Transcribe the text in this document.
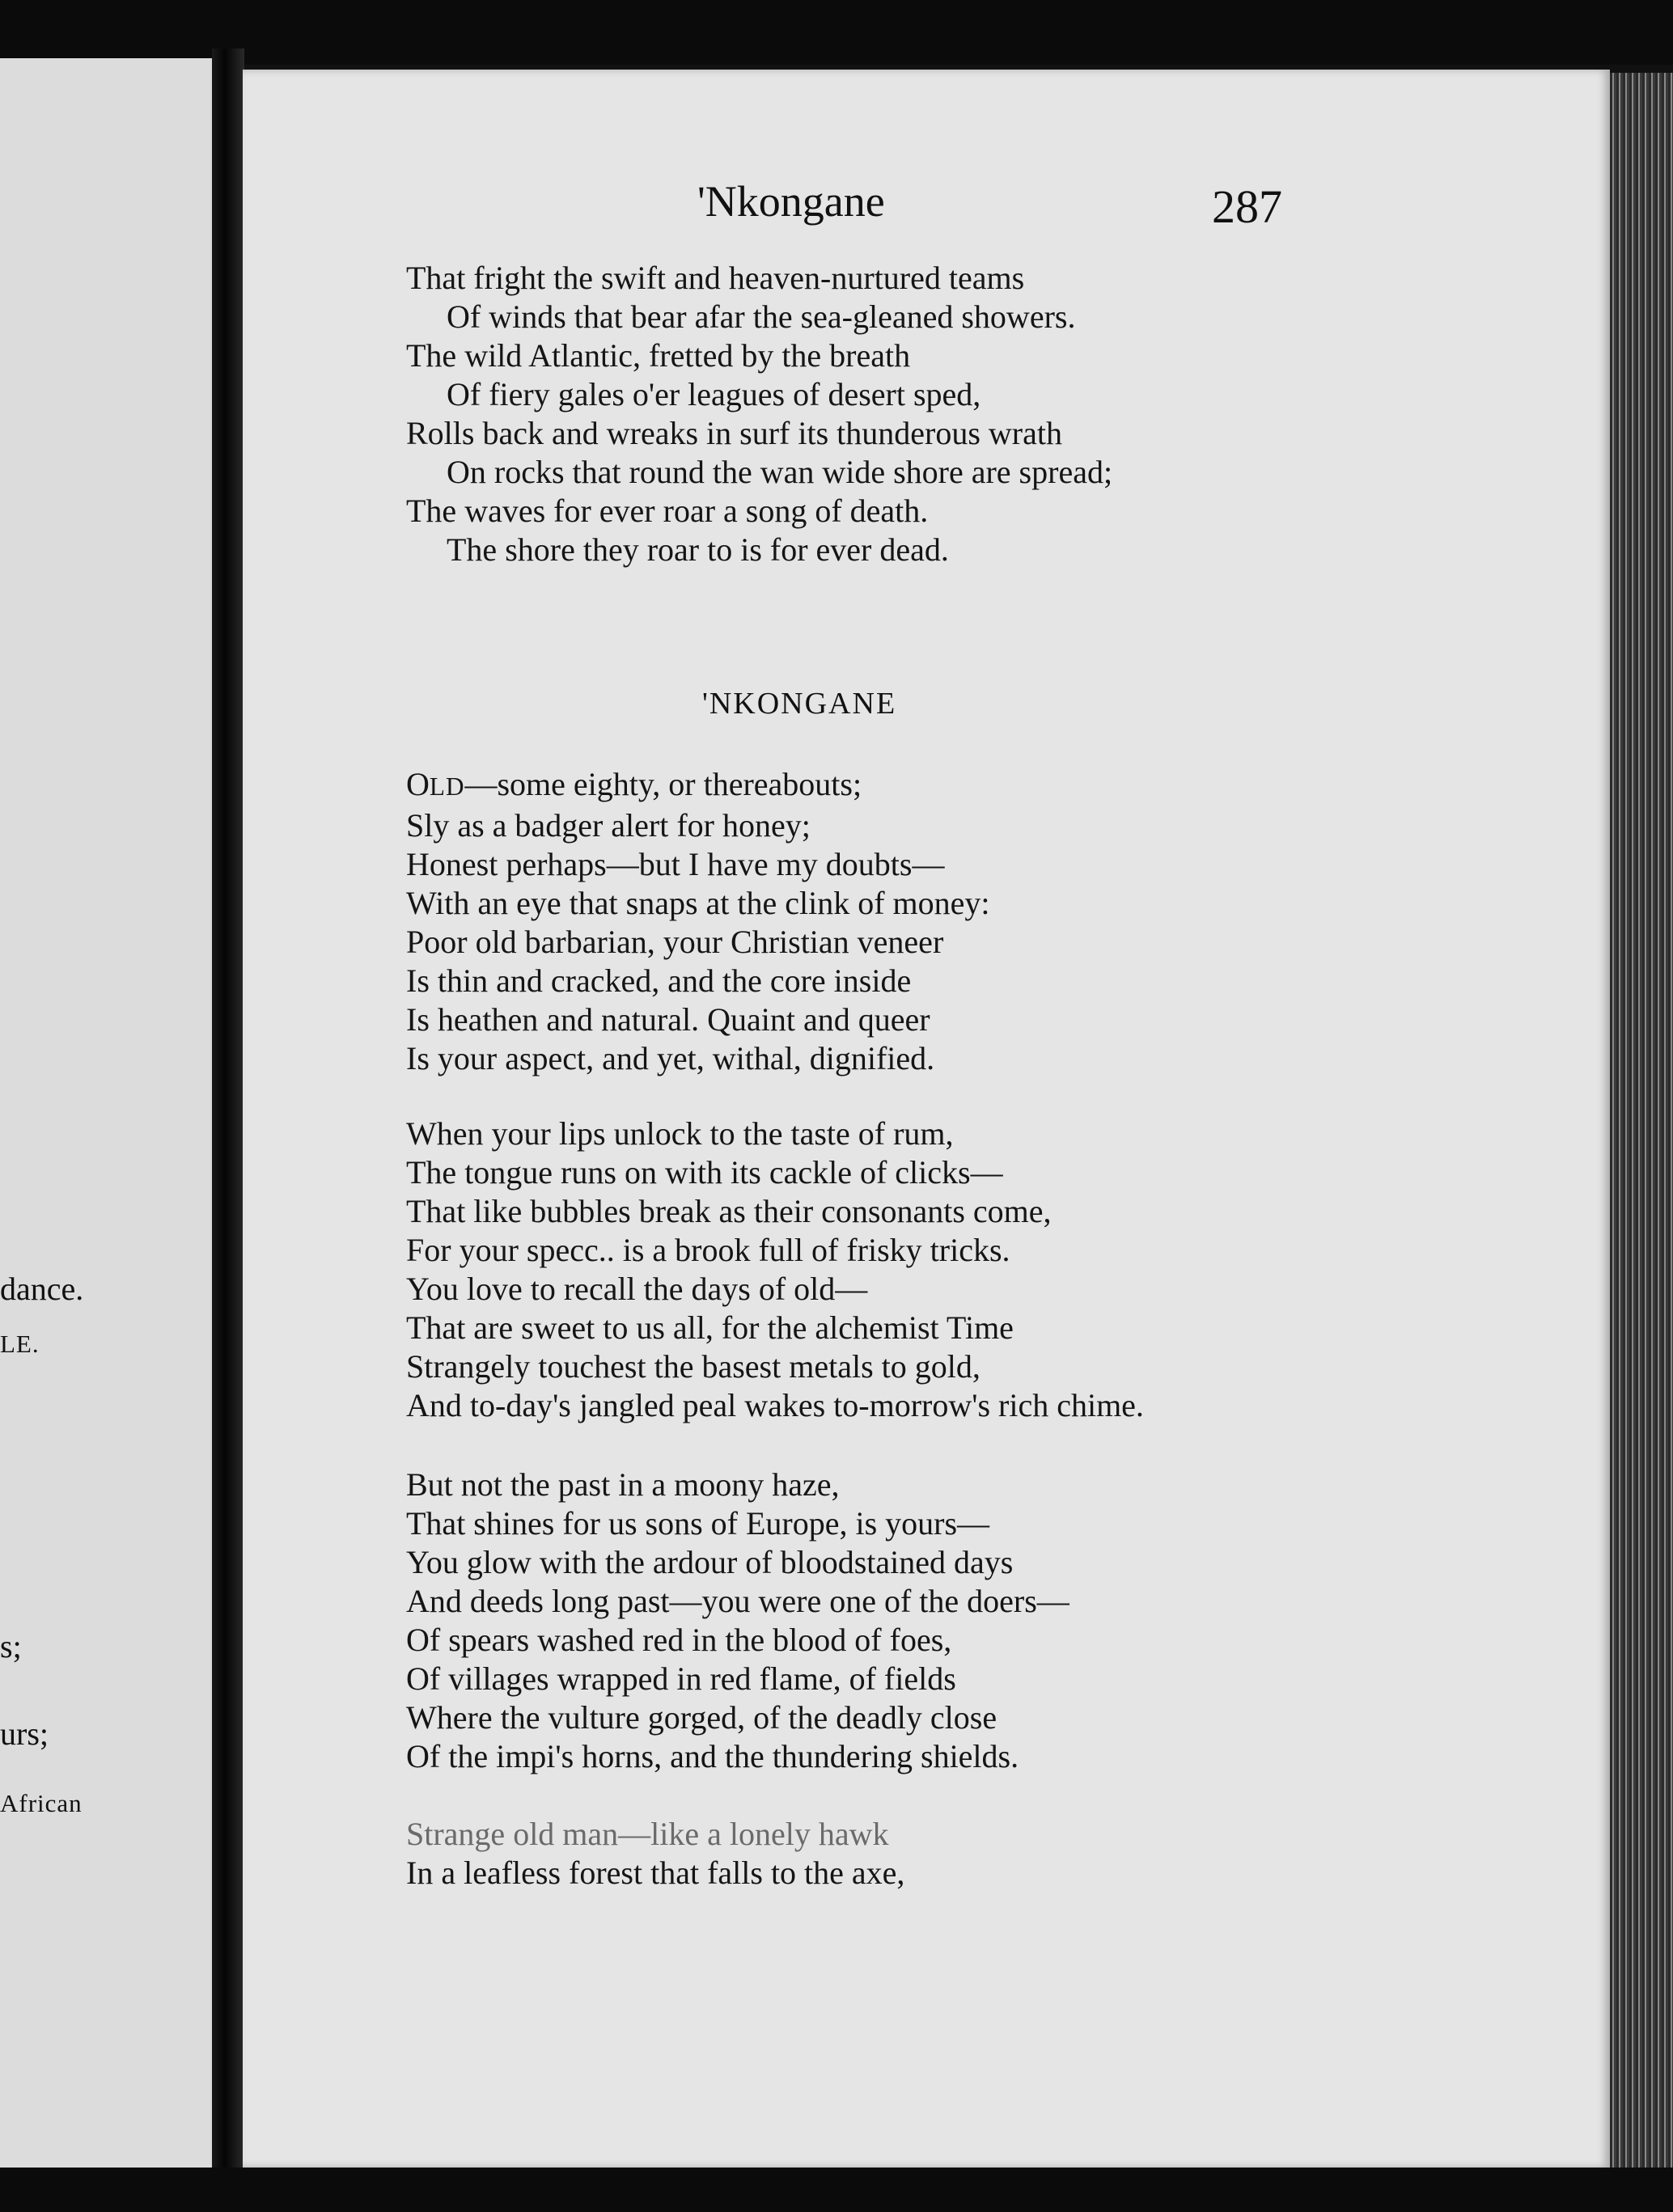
dance.
LE.
s;
urs;
African
'Nkongane	287
That fright the swift and heaven-nurtured teams
Of winds that bear afar the sea-gleaned showers.
The wild Atlantic, fretted by the breath
Of fiery gales o'er leagues of desert sped,
Rolls back and wreaks in surf its thunderous wrath
On rocks that round the wan wide shore are spread;
The waves for ever roar a song of death.
The shore they roar to is for ever dead.
'NKONGANE
OLD—some eighty, or thereabouts;
Sly as a badger alert for honey;
Honest perhaps—but I have my doubts—
With an eye that snaps at the clink of money:
Poor old barbarian, your Christian veneer
Is thin and cracked, and the core inside
Is heathen and natural. Quaint and queer
Is your aspect, and yet, withal, dignified.
When your lips unlock to the taste of rum,
The tongue runs on with its cackle of clicks—
That like bubbles break as their consonants come,
For your specc.. is a brook full of frisky tricks.
You love to recall the days of old—
That are sweet to us all, for the alchemist Time
Strangely touchest the basest metals to gold,
And to-day's jangled peal wakes to-morrow's rich chime.
But not the past in a moony haze,
That shines for us sons of Europe, is yours—
You glow with the ardour of bloodstained days
And deeds long past—you were one of the doers—
Of spears washed red in the blood of foes,
Of villages wrapped in red flame, of fields
Where the vulture gorged, of the deadly close
Of the impi's horns, and the thundering shields.
Strange old man—like a lonely hawk
In a leafless forest that falls to the axe,
